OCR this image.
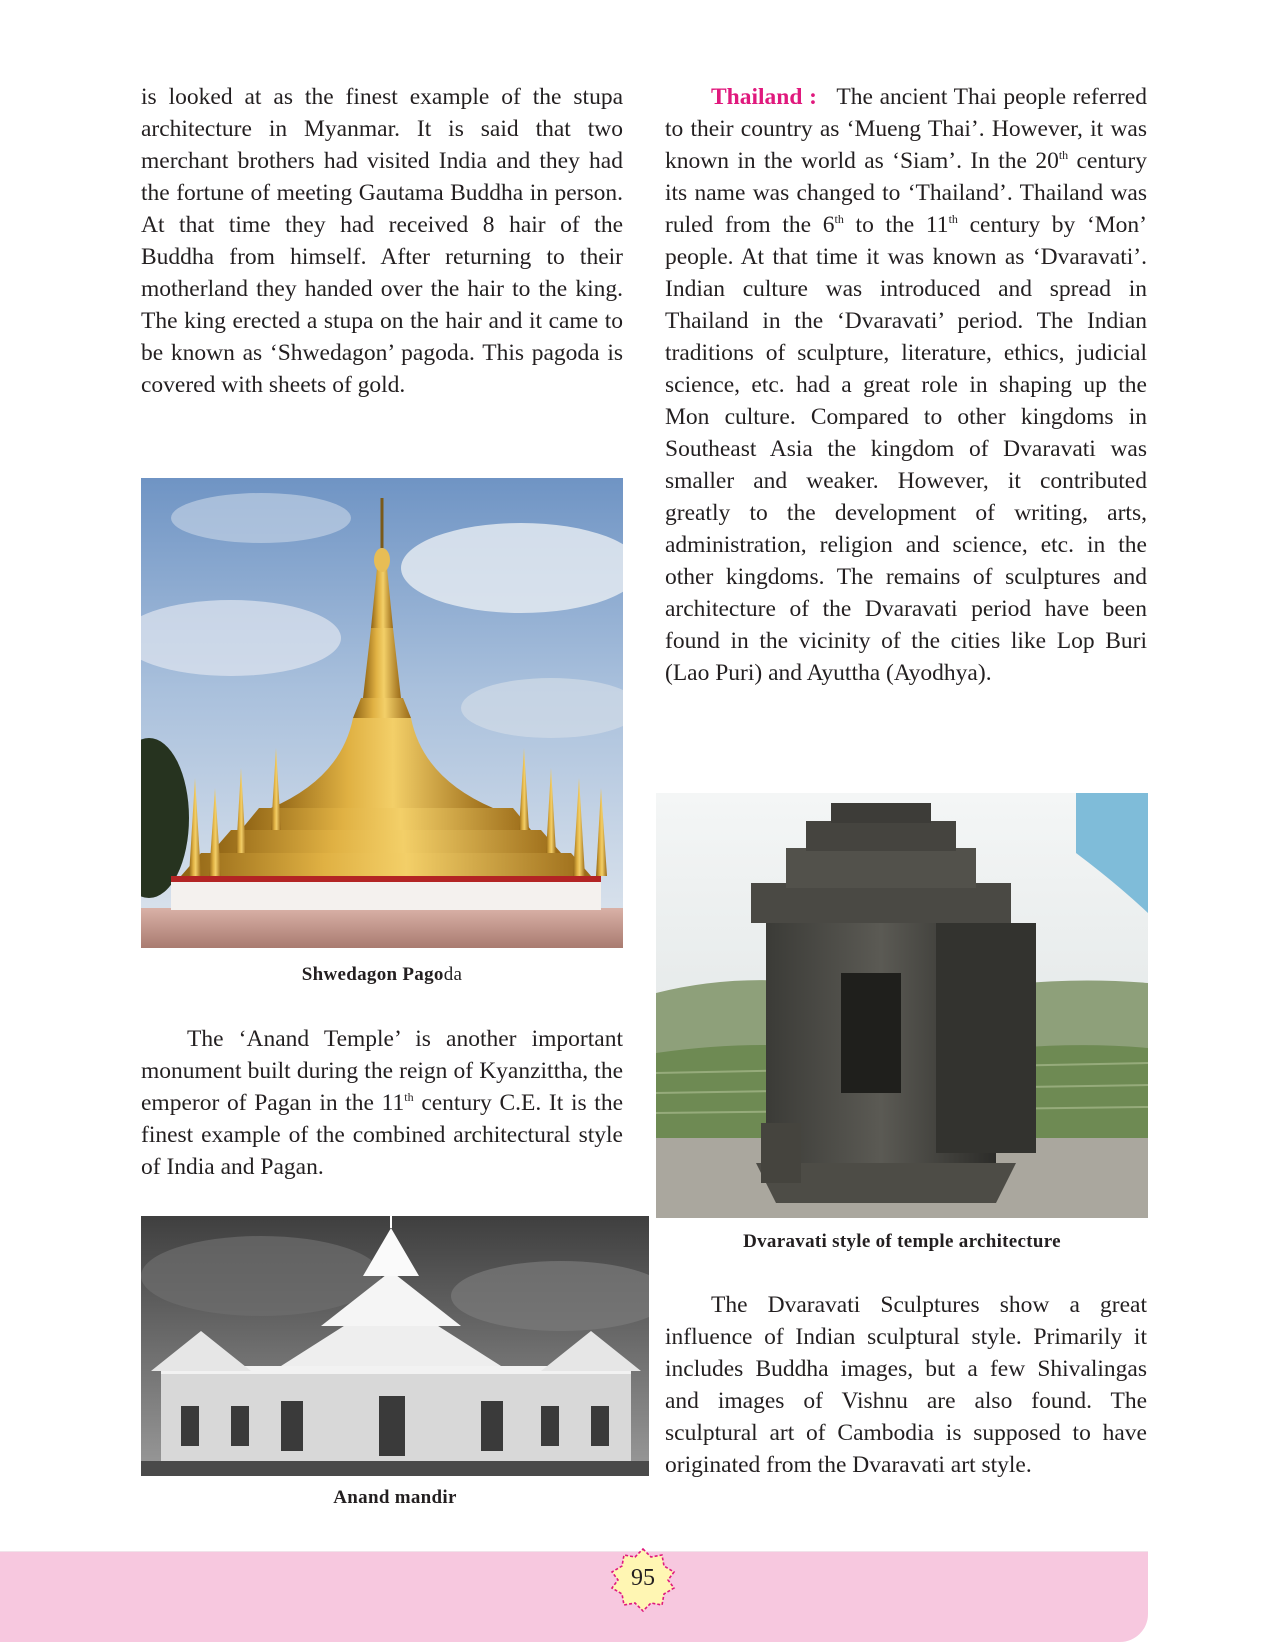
is looked at as the finest example of the stupa architecture in Myanmar. It is said that two merchant brothers had visited India and they had the fortune of meeting Gautama Buddha in person. At that time they had received 8 hair of the Buddha from himself. After returning to their motherland they handed over the hair to the king. The king erected a stupa on the hair and it came to be known as ‘Shwedagon’ pagoda. This pagoda is covered with sheets of gold.

Shwedagon Pagoda

The ‘Anand Temple’ is another important monument built during the reign of Kyanzittha, the emperor of Pagan in the 11th century C.E. It is the finest example of the combined architectural style of India and Pagan.

Anand mandir

Thailand : The ancient Thai people referred to their country as ‘Mueng Thai’. However, it was known in the world as ‘Siam’. In the 20th century its name was changed to ‘Thailand’. Thailand was ruled from the 6th to the 11th century by ‘Mon’ people. At that time it was known as ‘Dvaravati’. Indian culture was introduced and spread in Thailand in the ‘Dvaravati’ period. The Indian traditions of sculpture, literature, ethics, judicial science, etc. had a great role in shaping up the Mon culture. Compared to other kingdoms in Southeast Asia the kingdom of Dvaravati was smaller and weaker. However, it contributed greatly to the development of writing, arts, administration, religion and science, etc. in the other kingdoms. The remains of sculptures and architecture of the Dvaravati period have been found in the vicinity of the cities like Lop Buri (Lao Puri) and Ayuttha (Ayodhya).

Dvaravati style of temple architecture

The Dvaravati Sculptures show a great influence of Indian sculptural style. Primarily it includes Buddha images, but a few Shivalingas and images of Vishnu are also found. The sculptural art of Cambodia is supposed to have originated from the Dvaravati art style.

95
